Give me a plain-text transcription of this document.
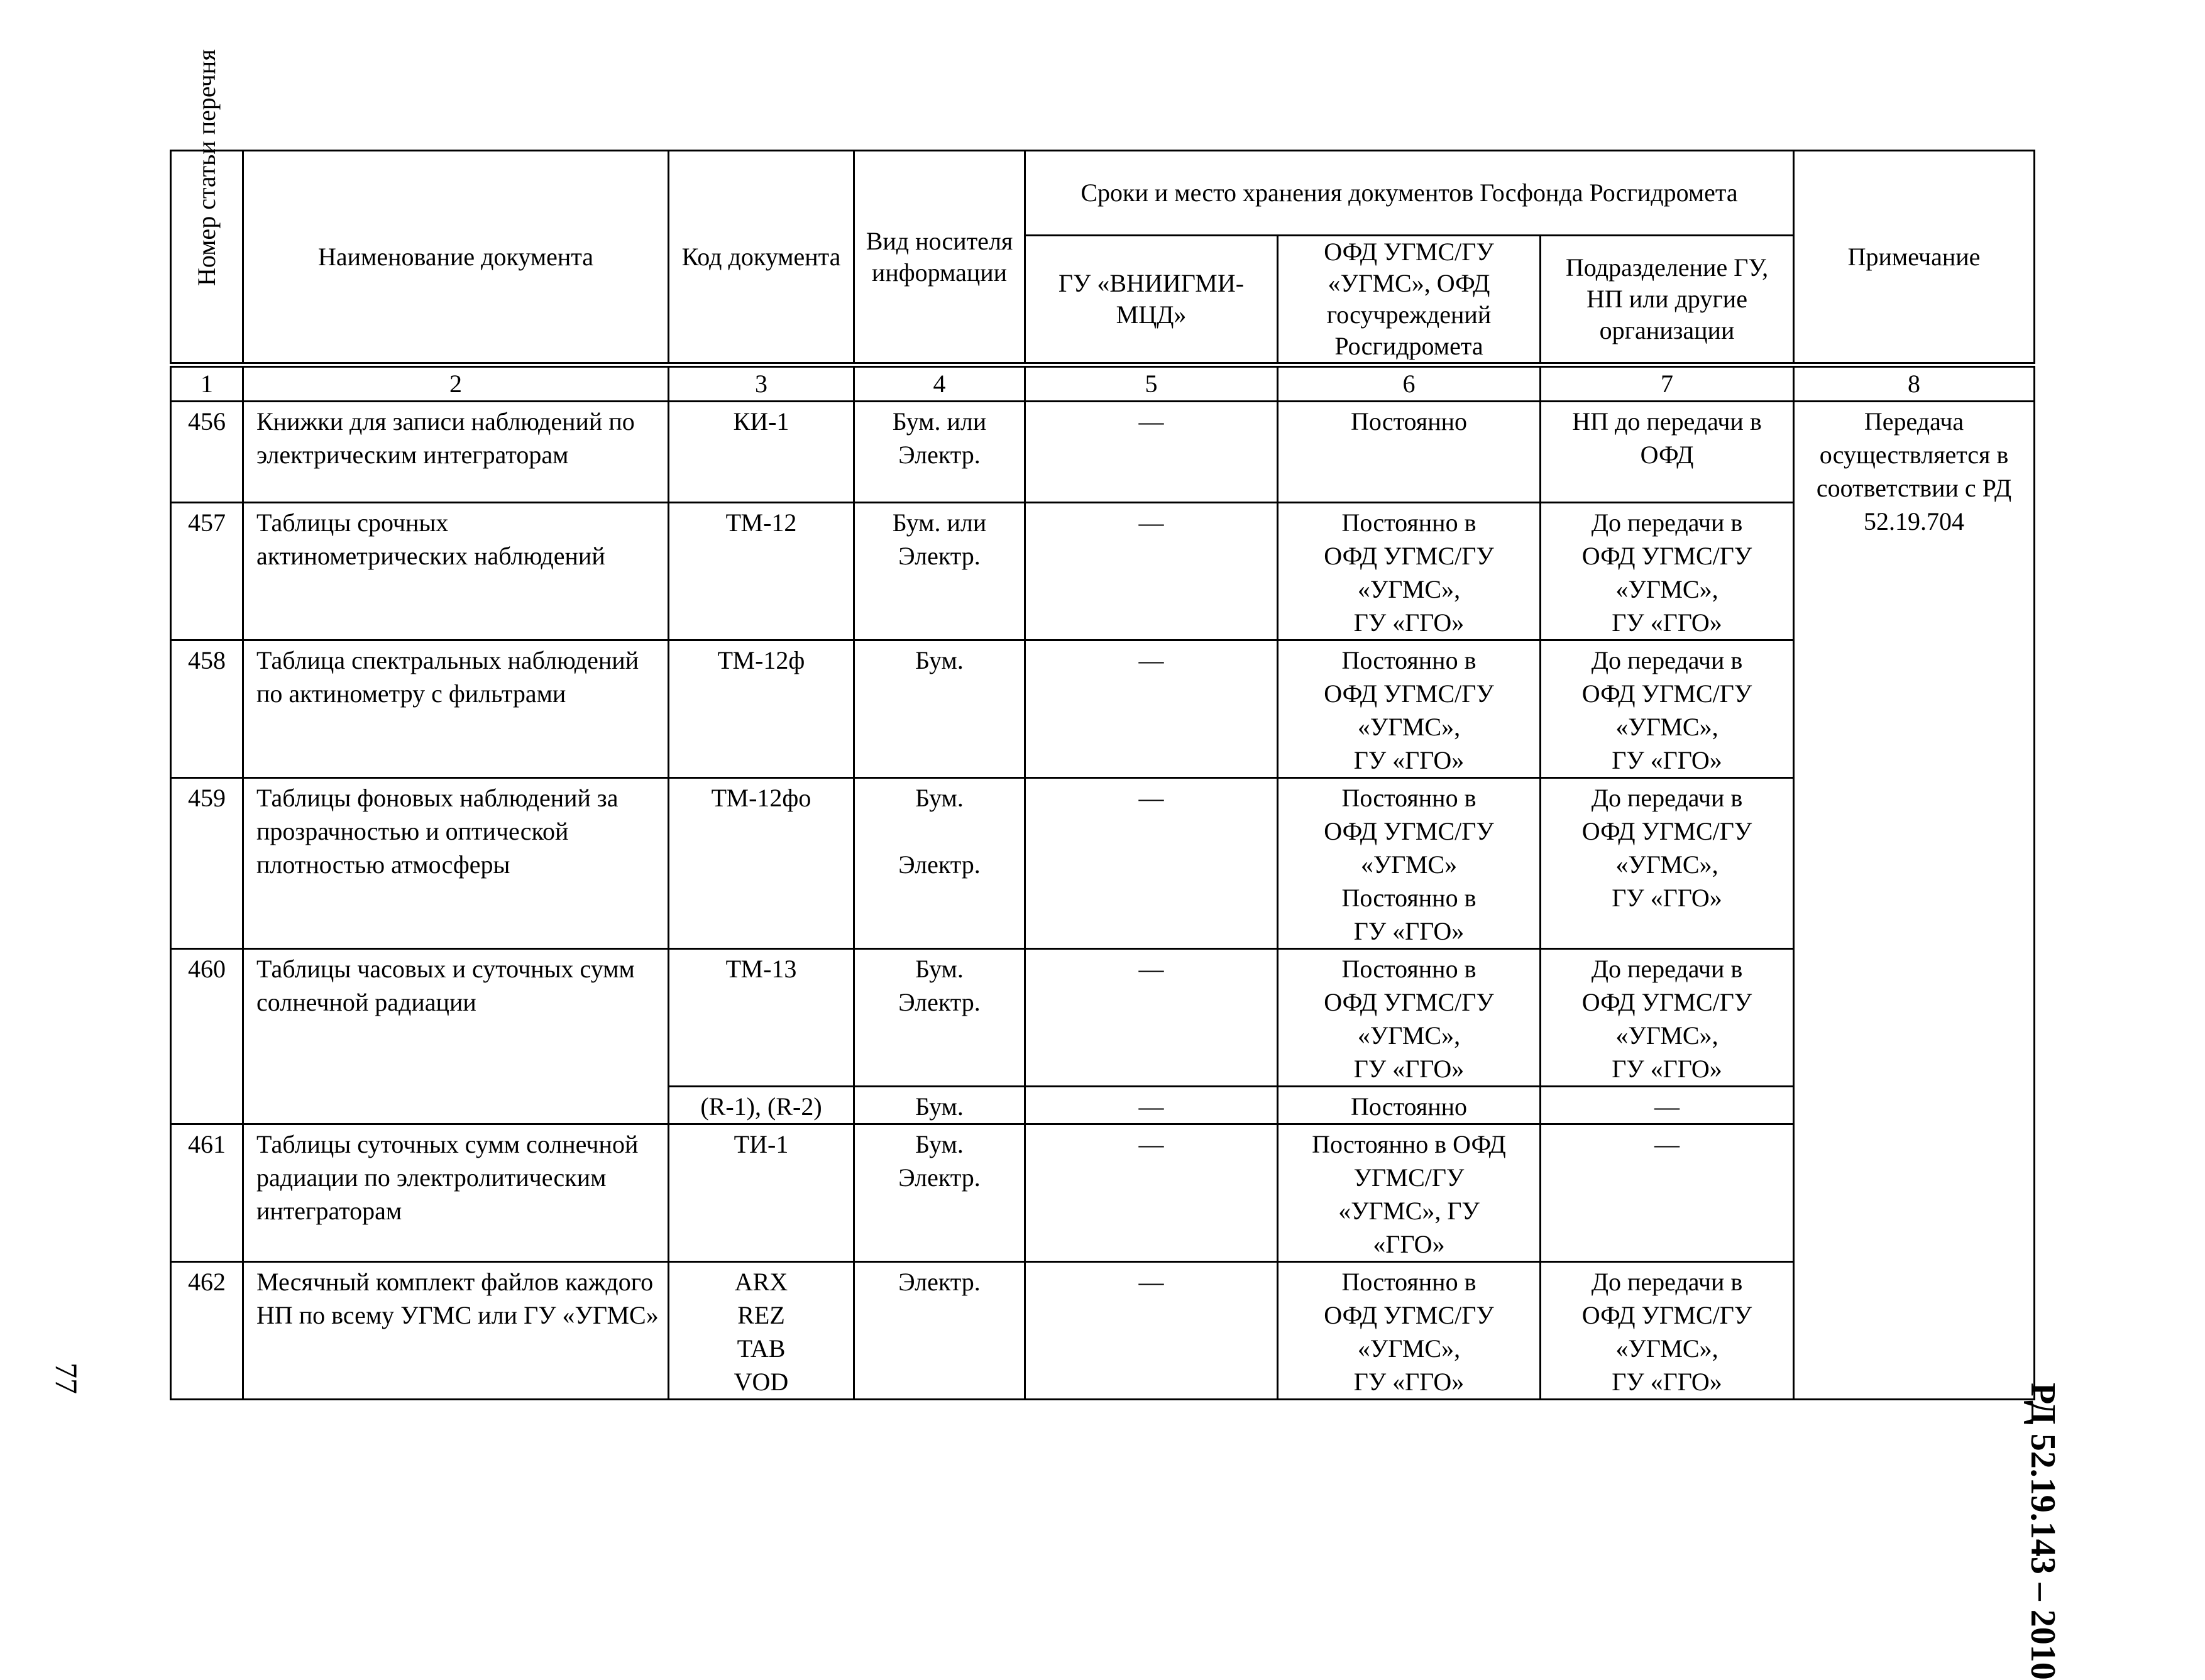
Номер статьи перечня	Наименование документа	Код документа	Вид носителя информации	Сроки и место хранения документов Госфонда Росгидромета			Примечание
				ГУ «ВНИИГМИ-МЦД»	ОФД УГМС/ГУ «УГМС», ОФД госучреждений Росгидромета	Подразделение ГУ, НП или другие организации	
1	2	3	4	5	6	7	8
456	Книжки для записи наблюдений по электрическим интеграторам	КИ-1	Бум. или Электр.	—	Постоянно	НП до передачи в ОФД	Передача осуществляется в соответствии с РД 52.19.704
457	Таблицы срочных актинометрических наблюдений	ТМ-12	Бум. или Электр.	—	Постоянно в
ОФД УГМС/ГУ
«УГМС»,
ГУ «ГГО»	До передачи в
ОФД УГМС/ГУ
«УГМС»,
ГУ «ГГО»	

458	Таблица спектральных наблюдений по актинометру с фильтрами	ТМ-12ф	Бум.	—	Постоянно в
ОФД УГМС/ГУ
«УГМС»,
ГУ «ГГО»	До передачи в
ОФД УГМС/ГУ
«УГМС»,
ГУ «ГГО»	

459	Таблицы фоновых наблюдений за прозрачностью и оптической плотностью атмосферы	ТМ-12фо	Бум.
Электр.	—	Постоянно в
ОФД УГМС/ГУ
«УГМС»
Постоянно в
ГУ «ГГО»	До передачи в
ОФД УГМС/ГУ
«УГМС»,
ГУ «ГГО»	

460	Таблицы часовых и суточных сумм солнечной радиации	ТМ-13	Бум.
Электр.	—	Постоянно в
ОФД УГМС/ГУ
«УГМС»,
ГУ «ГГО»	До передачи в
ОФД УГМС/ГУ
«УГМС»,
ГУ «ГГО»	

		(R-1), (R-2)	Бум.	—	Постоянно	—	
461	Таблицы суточных сумм солнечной радиации по электролитическим интеграторам	ТИ-1	Бум.
Электр.	—	Постоянно в ОФД
УГМС/ГУ
«УГМС», ГУ
«ГГО»	—	
462	Месячный комплект файлов каждого НП по всему УГМС или ГУ «УГМС»	ARX
REZ
TAB
VOD	Электр.	—	Постоянно в
ОФД УГМС/ГУ
«УГМС»,
ГУ «ГГО»	До передачи в
ОФД УГМС/ГУ
«УГМС»,
ГУ «ГГО»	
77
РД 52.19.143 – 2010
